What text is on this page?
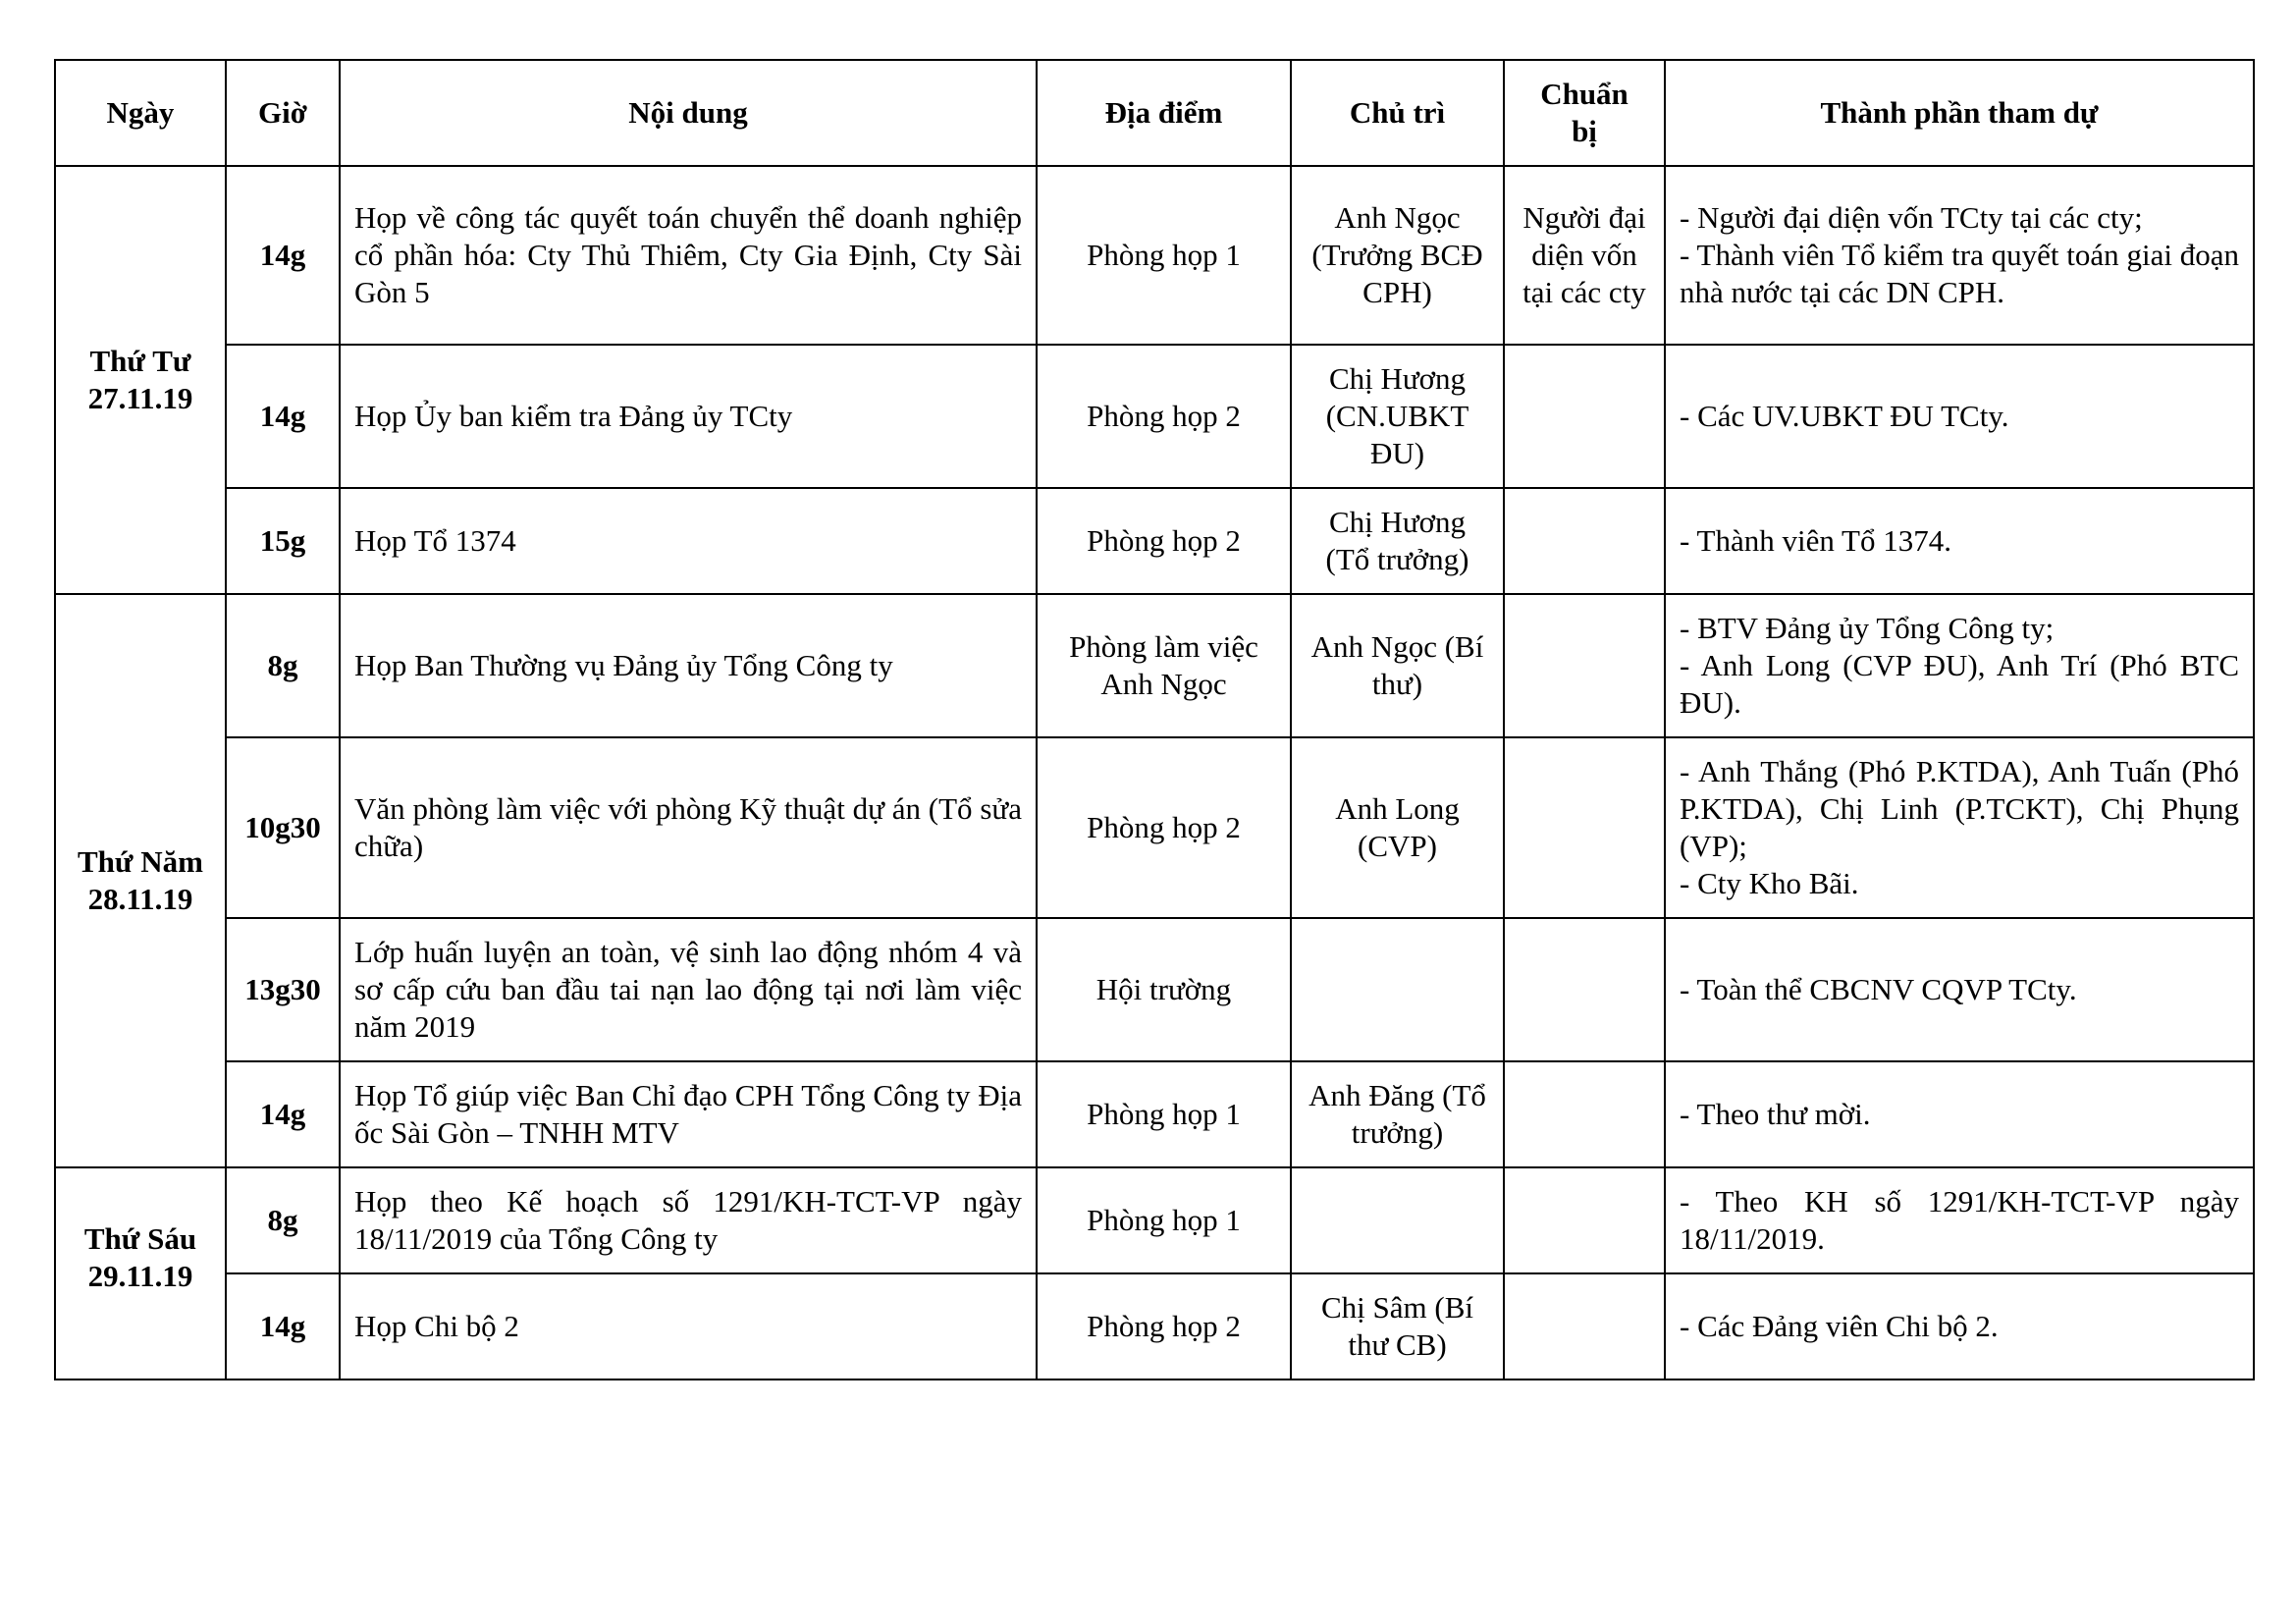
Ngày	Giờ	Nội dung	Địa điểm	Chủ trì	Chuẩn bị	Thành phần tham dự
Thứ Tư
27.11.19	14g	Họp về công tác quyết toán chuyển thể doanh nghiệp cổ phần hóa: Cty Thủ Thiêm, Cty Gia Định, Cty Sài Gòn 5	Phòng họp 1	Anh Ngọc (Trưởng BCĐ CPH)	Người đại diện vốn tại các cty	- Người đại diện vốn TCty tại các cty;
- Thành viên Tổ kiểm tra quyết toán giai đoạn nhà nước tại các DN CPH.

	14g	Họp Ủy ban kiểm tra Đảng ủy TCty	Phòng họp 2	Chị Hương (CN.UBKT ĐU)		- Các UV.UBKT ĐU TCty.

	15g	Họp Tổ 1374	Phòng họp 2	Chị Hương (Tổ trưởng)		- Thành viên Tổ 1374.

Thứ Năm
28.11.19	8g	Họp Ban Thường vụ Đảng ủy Tổng Công ty	Phòng làm việc Anh Ngọc	Anh Ngọc (Bí thư)		- BTV Đảng ủy Tổng Công ty;
- Anh Long (CVP ĐU), Anh Trí (Phó BTC ĐU).

	10g30	Văn phòng làm việc với phòng Kỹ thuật dự án (Tổ sửa chữa)	Phòng họp 2	Anh Long (CVP)		- Anh Thắng (Phó P.KTDA), Anh Tuấn (Phó P.KTDA), Chị Linh (P.TCKT), Chị Phụng (VP);
- Cty Kho Bãi.

	13g30	Lớp huấn luyện an toàn, vệ sinh lao động nhóm 4 và sơ cấp cứu ban đầu tai nạn lao động tại nơi làm việc năm 2019	Hội trường			- Toàn thể CBCNV CQVP TCty.

	14g	Họp Tổ giúp việc Ban Chỉ đạo CPH Tổng Công ty Địa ốc Sài Gòn – TNHH MTV	Phòng họp 1	Anh Đăng (Tổ trưởng)		- Theo thư mời.

Thứ Sáu
29.11.19	8g	Họp theo Kế hoạch số 1291/KH-TCT-VP ngày 18/11/2019 của Tổng Công ty	Phòng họp 1			- Theo KH số 1291/KH-TCT-VP ngày 18/11/2019.

	14g	Họp Chi bộ 2	Phòng họp 2	Chị Sâm (Bí thư CB)		- Các Đảng viên Chi bộ 2.
